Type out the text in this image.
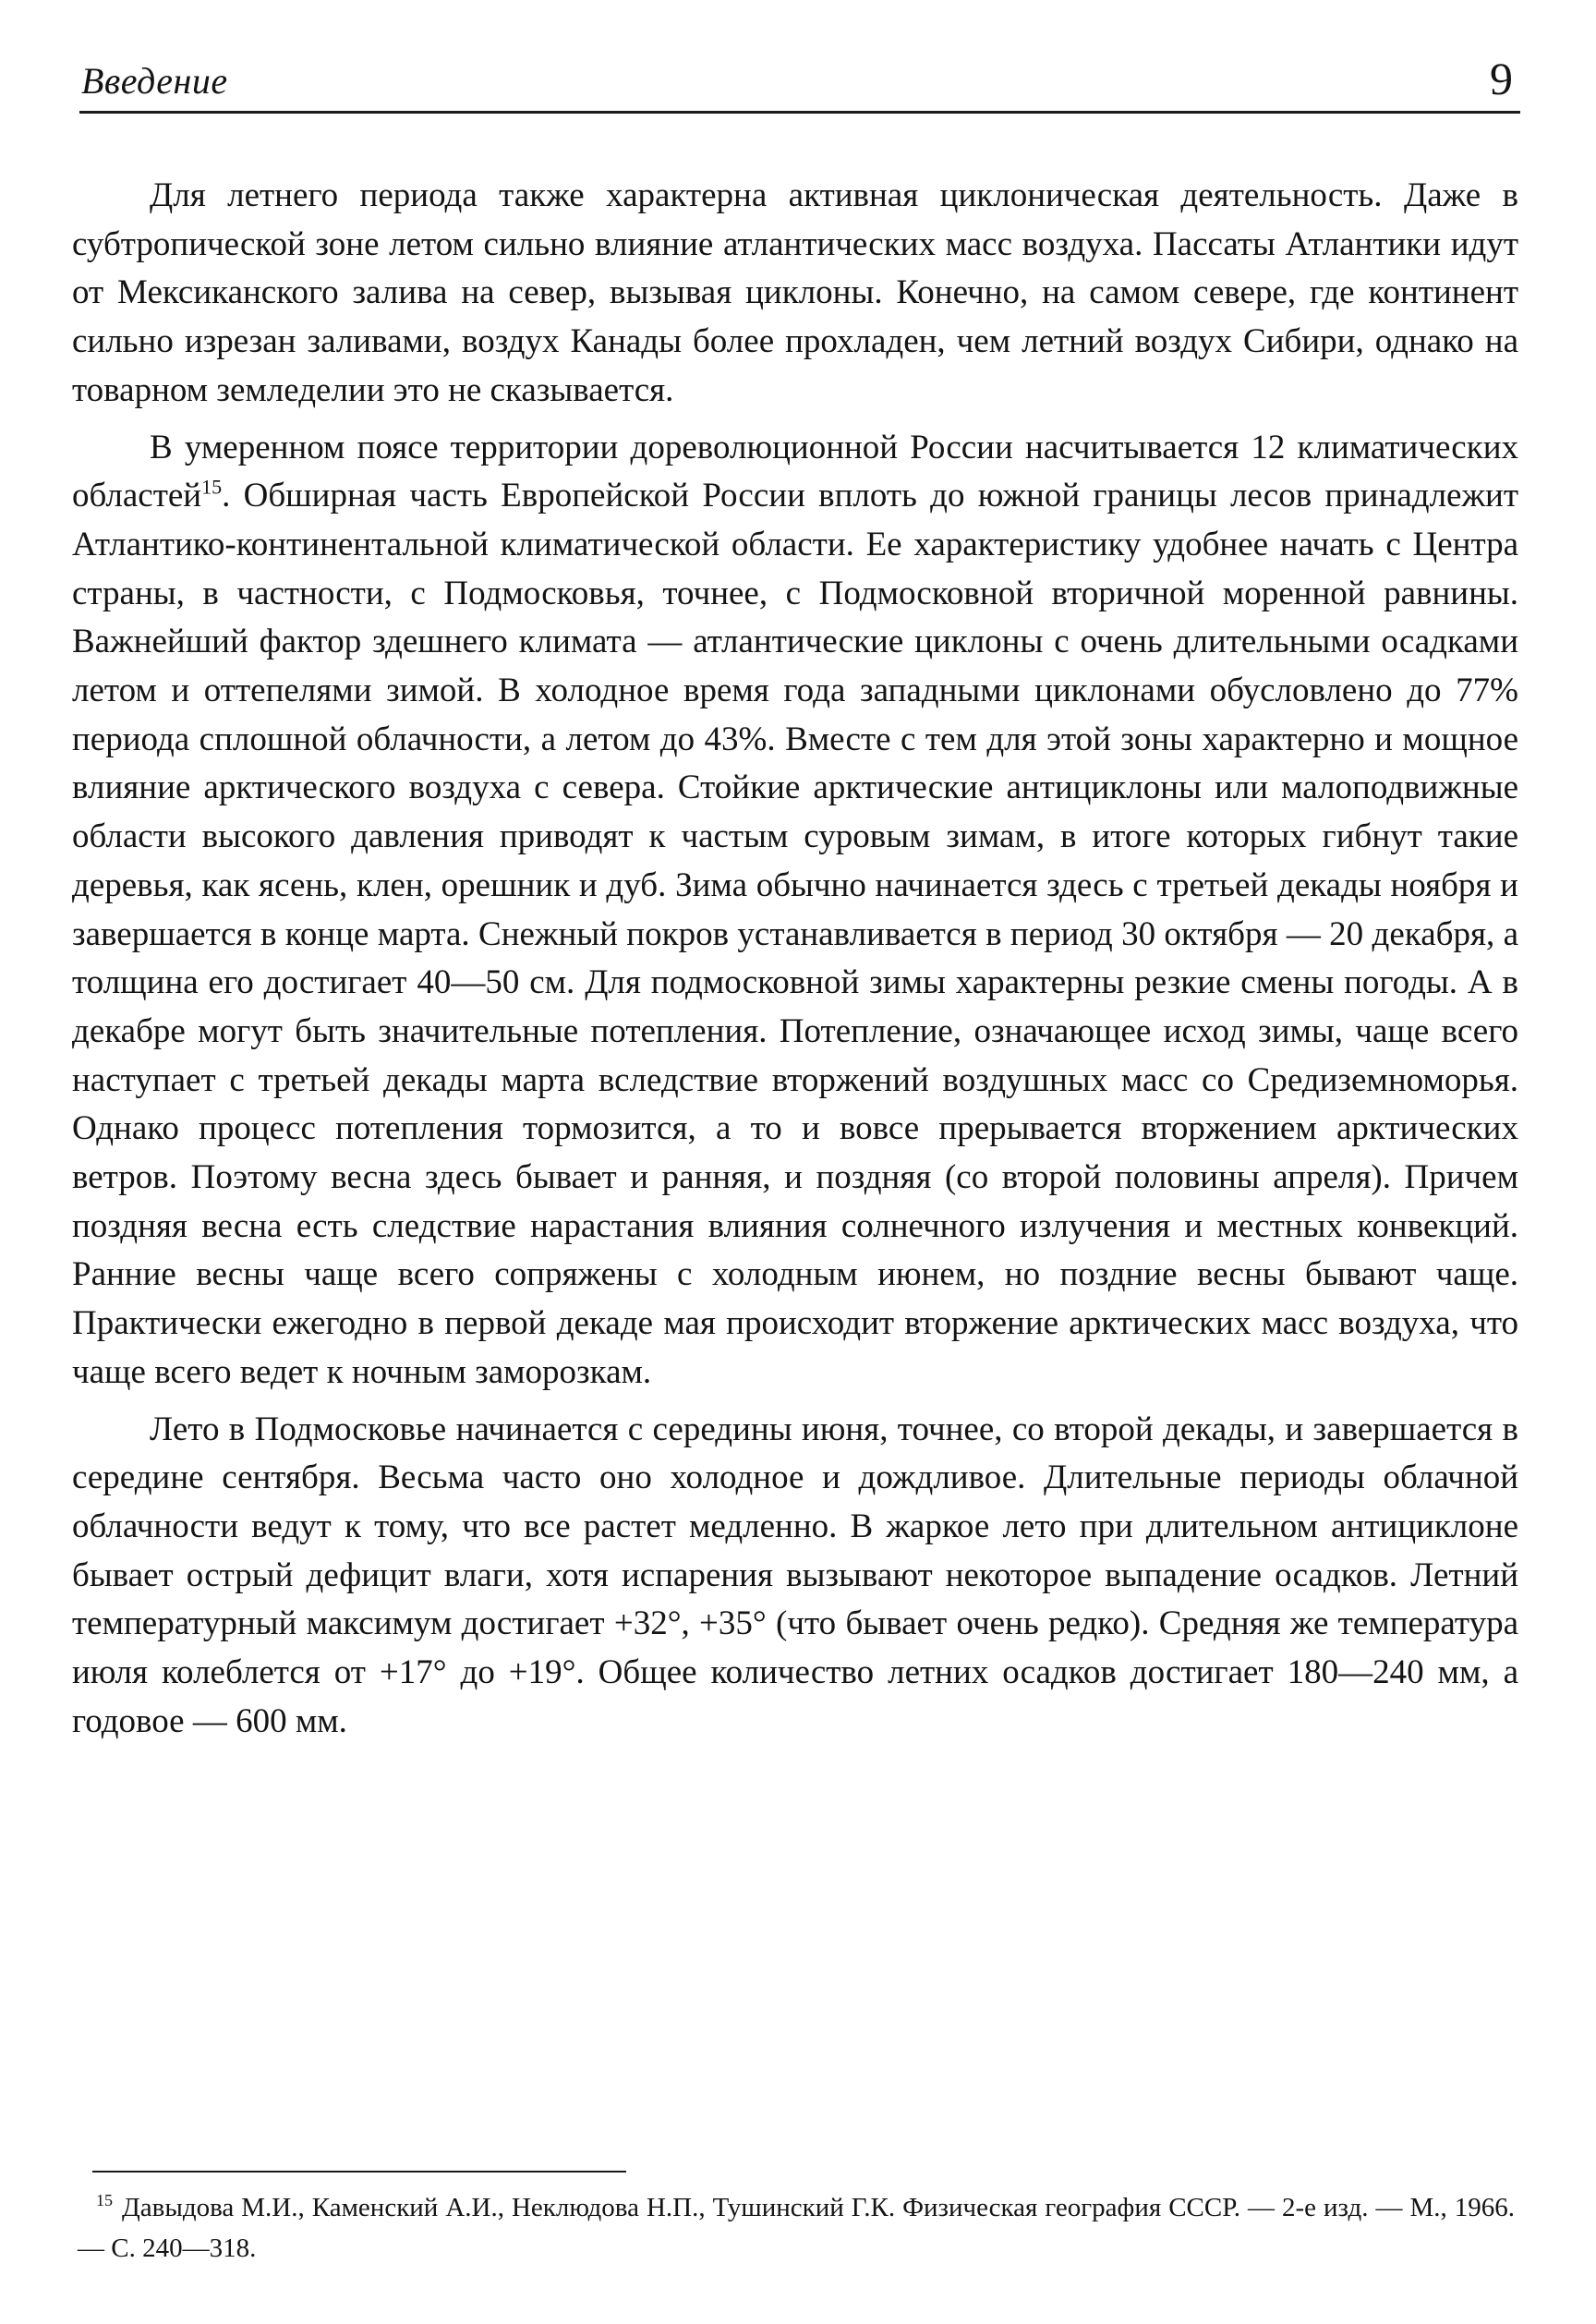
Введение	9

Для летнего периода также характерна активная циклоническая деятельность. Даже в субтропической зоне летом сильно влияние атлантических масс воздуха. Пассаты Атлантики идут от Мексиканского залива на север, вызывая циклоны. Конечно, на самом севере, где континент сильно изрезан заливами, воздух Канады более прохладен, чем летний воздух Сибири, однако на товарном земледелии это не сказывается.

В умеренном поясе территории дореволюционной России насчитывается 12 климатических областей$^{15}$. Обширная часть Европейской России вплоть до южной границы лесов принадлежит Атлантико-континентальной климатической области. Ее характеристику удобнее начать с Центра страны, в частности, с Подмосковья, точнее, с Подмосковной вторичной моренной равнины. Важнейший фактор здешнего климата — атлантические циклоны с очень длительными осадками летом и оттепелями зимой. В холодное время года западными циклонами обусловлено до 77% периода сплошной облачности, а летом до 43%. Вместе с тем для этой зоны характерно и мощное влияние арктического воздуха с севера. Стойкие арктические антициклоны или малоподвижные области высокого давления приводят к частым суровым зимам, в итоге которых гибнут такие деревья, как ясень, клен, орешник и дуб. Зима обычно начинается здесь с третьей декады ноября и завершается в конце марта. Снежный покров устанавливается в период 30 октября — 20 декабря, а толщина его достигает 40—50 см. Для подмосковной зимы характерны резкие смены погоды. А в декабре могут быть значительные потепления. Потепление, означающее исход зимы, чаще всего наступает с третьей декады марта вследствие вторжений воздушных масс со Средиземноморья. Однако процесс потепления тормозится, а то и вовсе прерывается вторжением арктических ветров. Поэтому весна здесь бывает и ранняя, и поздняя (со второй половины апреля). Причем поздняя весна есть следствие нарастания влияния солнечного излучения и местных конвекций. Ранние весны чаще всего сопряжены с холодным июнем, но поздние весны бывают чаще. Практически ежегодно в первой декаде мая происходит вторжение арктических масс воздуха, что чаще всего ведет к ночным заморозкам.

Лето в Подмосковье начинается с середины июня, точнее, со второй декады, и завершается в середине сентября. Весьма часто оно холодное и дождливое. Длительные периоды облачной облачности ведут к тому, что все растет медленно. В жаркое лето при длительном антициклоне бывает острый дефицит влаги, хотя испарения вызывают некоторое выпадение осадков. Летний температурный максимум достигает +32°, +35° (что бывает очень редко). Средняя же температура июля колеблется от +17° до +19°. Общее количество летних осадков достигает 180—240 мм, а годовое — 600 мм.

$^{15}$ Давыдова М.И., Каменский А.И., Неклюдова Н.П., Тушинский Г.К. Физическая география СССР. — 2-е изд. — М., 1966. — С. 240—318.
